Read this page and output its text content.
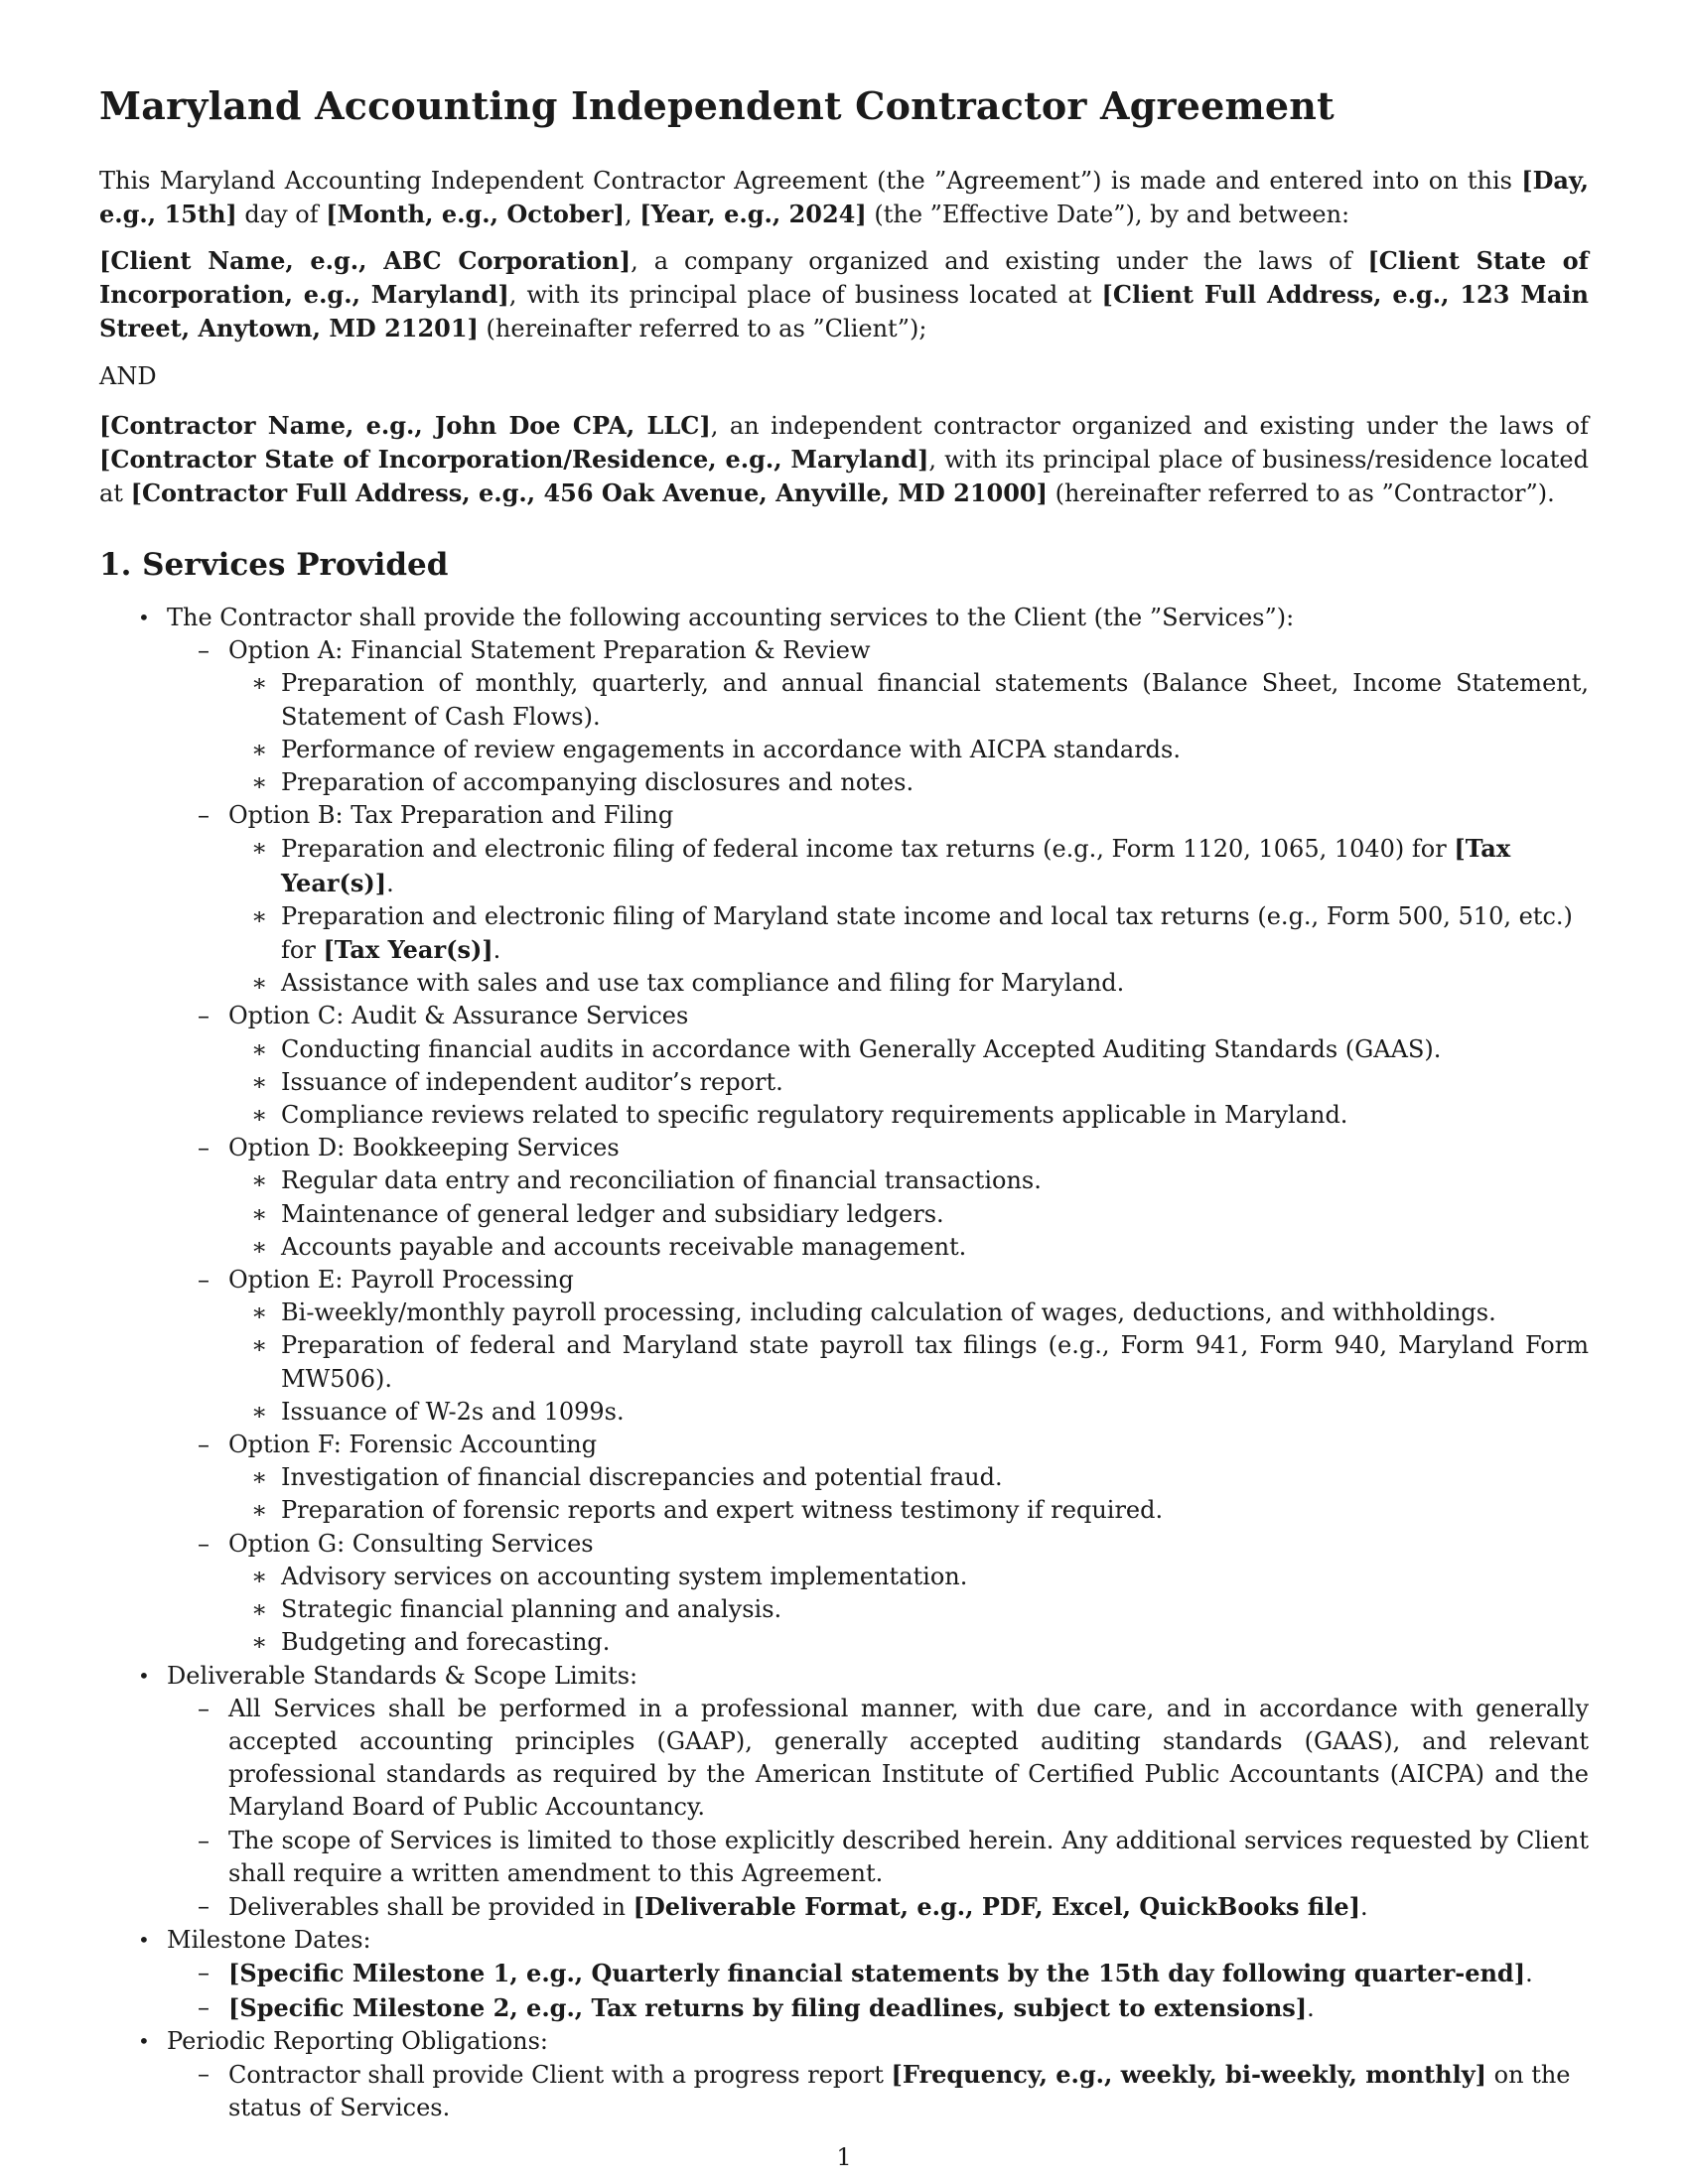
Maryland Accounting Independent Contractor Agreement

This Maryland Accounting Independent Contractor Agreement (the ”Agreement”) is made and entered into on this [Day, e.g., 15th] day of [Month, e.g., October], [Year, e.g., 2024] (the ”Effective Date”), by and between:

[Client Name, e.g., ABC Corporation], a company organized and existing under the laws of [Client State of Incorporation, e.g., Maryland], with its principal place of business located at [Client Full Address, e.g., 123 Main Street, Anytown, MD 21201] (hereinafter referred to as ”Client”);

AND

[Contractor Name, e.g., John Doe CPA, LLC], an independent contractor organized and existing under the laws of [Contractor State of Incorporation/Residence, e.g., Maryland], with its principal place of business/residence located at [Contractor Full Address, e.g., 456 Oak Avenue, Anyville, MD 21000] (hereinafter referred to as ”Contractor”).

1. Services Provided
• The Contractor shall provide the following accounting services to the Client (the ”Services”):
– Option A: Financial Statement Preparation & Review
∗ Preparation of monthly, quarterly, and annual financial statements (Balance Sheet, Income Statement, Statement of Cash Flows).
∗ Performance of review engagements in accordance with AICPA standards.
∗ Preparation of accompanying disclosures and notes.
– Option B: Tax Preparation and Filing
∗ Preparation and electronic filing of federal income tax returns (e.g., Form 1120, 1065, 1040) for [Tax Year(s)].
∗ Preparation and electronic filing of Maryland state income and local tax returns (e.g., Form 500, 510, etc.) for [Tax Year(s)].
∗ Assistance with sales and use tax compliance and filing for Maryland.
– Option C: Audit & Assurance Services
∗ Conducting financial audits in accordance with Generally Accepted Auditing Standards (GAAS).
∗ Issuance of independent auditor’s report.
∗ Compliance reviews related to specific regulatory requirements applicable in Maryland.
– Option D: Bookkeeping Services
∗ Regular data entry and reconciliation of financial transactions.
∗ Maintenance of general ledger and subsidiary ledgers.
∗ Accounts payable and accounts receivable management.
– Option E: Payroll Processing
∗ Bi-weekly/monthly payroll processing, including calculation of wages, deductions, and withholdings.
∗ Preparation of federal and Maryland state payroll tax filings (e.g., Form 941, Form 940, Maryland Form MW506).
∗ Issuance of W-2s and 1099s.
– Option F: Forensic Accounting
∗ Investigation of financial discrepancies and potential fraud.
∗ Preparation of forensic reports and expert witness testimony if required.
– Option G: Consulting Services
∗ Advisory services on accounting system implementation.
∗ Strategic financial planning and analysis.
∗ Budgeting and forecasting.
• Deliverable Standards & Scope Limits:
– All Services shall be performed in a professional manner, with due care, and in accordance with generally accepted accounting principles (GAAP), generally accepted auditing standards (GAAS), and relevant professional standards as required by the American Institute of Certified Public Accountants (AICPA) and the Maryland Board of Public Accountancy.
– The scope of Services is limited to those explicitly described herein. Any additional services requested by Client shall require a written amendment to this Agreement.
– Deliverables shall be provided in [Deliverable Format, e.g., PDF, Excel, QuickBooks file].
• Milestone Dates:
– [Specific Milestone 1, e.g., Quarterly financial statements by the 15th day following quarter-end].
– [Specific Milestone 2, e.g., Tax returns by filing deadlines, subject to extensions].
• Periodic Reporting Obligations:
– Contractor shall provide Client with a progress report [Frequency, e.g., weekly, bi-weekly, monthly] on the status of Services.
1
